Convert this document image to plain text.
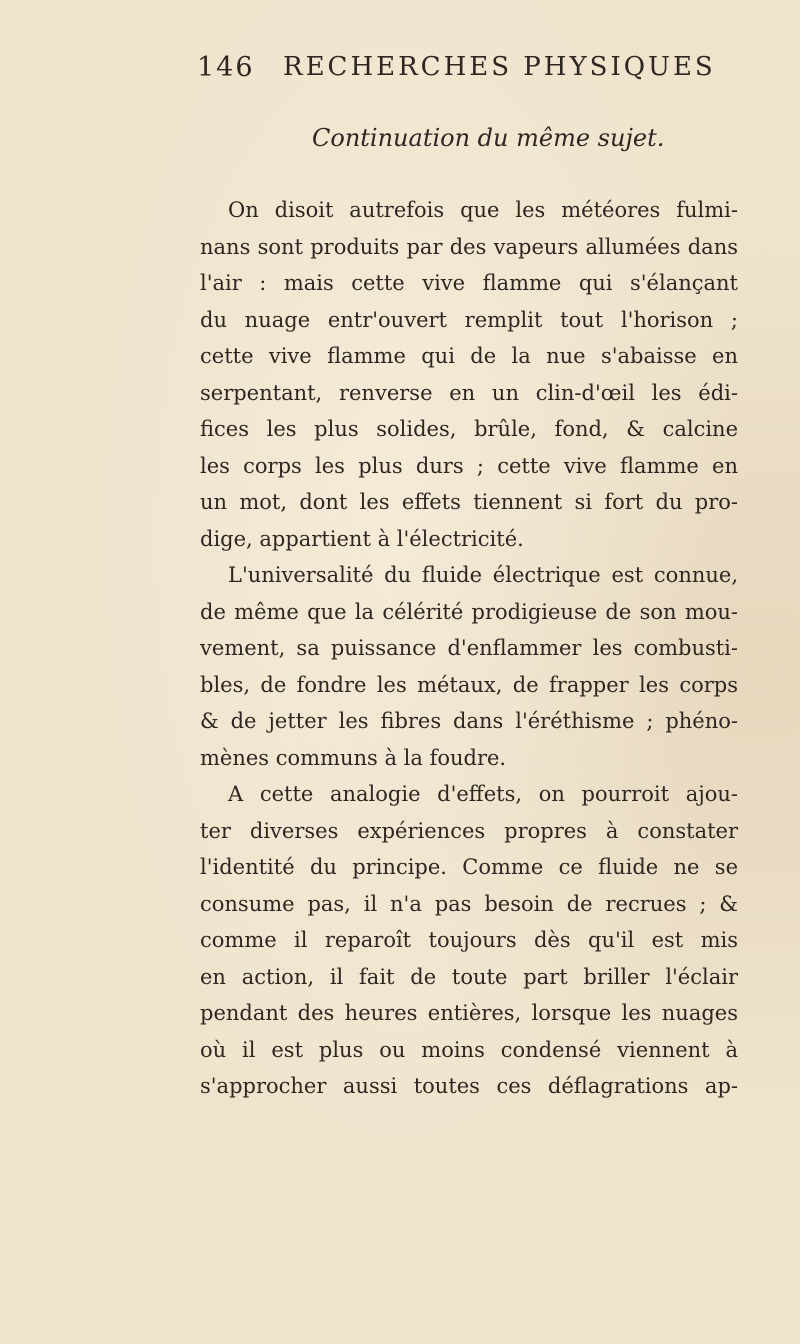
146 RECHERCHES PHYSIQUES
Continuation du même sujet.
On disoit autrefois que les météores fulmi-
nans sont produits par des vapeurs allumées dans
l'air : mais cette vive flamme qui s'élançant
du nuage entr'ouvert remplit tout l'horison ;
cette vive flamme qui de la nue s'abaisse en
serpentant, renverse en un clin-d'œil les édi-
fices les plus solides, brûle, fond, & calcine
les corps les plus durs ; cette vive flamme en
un mot, dont les effets tiennent si fort du pro-
dige, appartient à l'électricité.
L'universalité du fluide électrique est connue,
de même que la célérité prodigieuse de son mou-
vement, sa puissance d'enflammer les combusti-
bles, de fondre les métaux, de frapper les corps
& de jetter les fibres dans l'éréthisme ; phéno-
mènes communs à la foudre.
A cette analogie d'effets, on pourroit ajou-
ter diverses expériences propres à constater
l'identité du principe. Comme ce fluide ne se
consume pas, il n'a pas besoin de recrues ; &
comme il reparoît toujours dès qu'il est mis
en action, il fait de toute part briller l'éclair
pendant des heures entières, lorsque les nuages
où il est plus ou moins condensé viennent à
s'approcher aussi toutes ces déflagrations ap-
